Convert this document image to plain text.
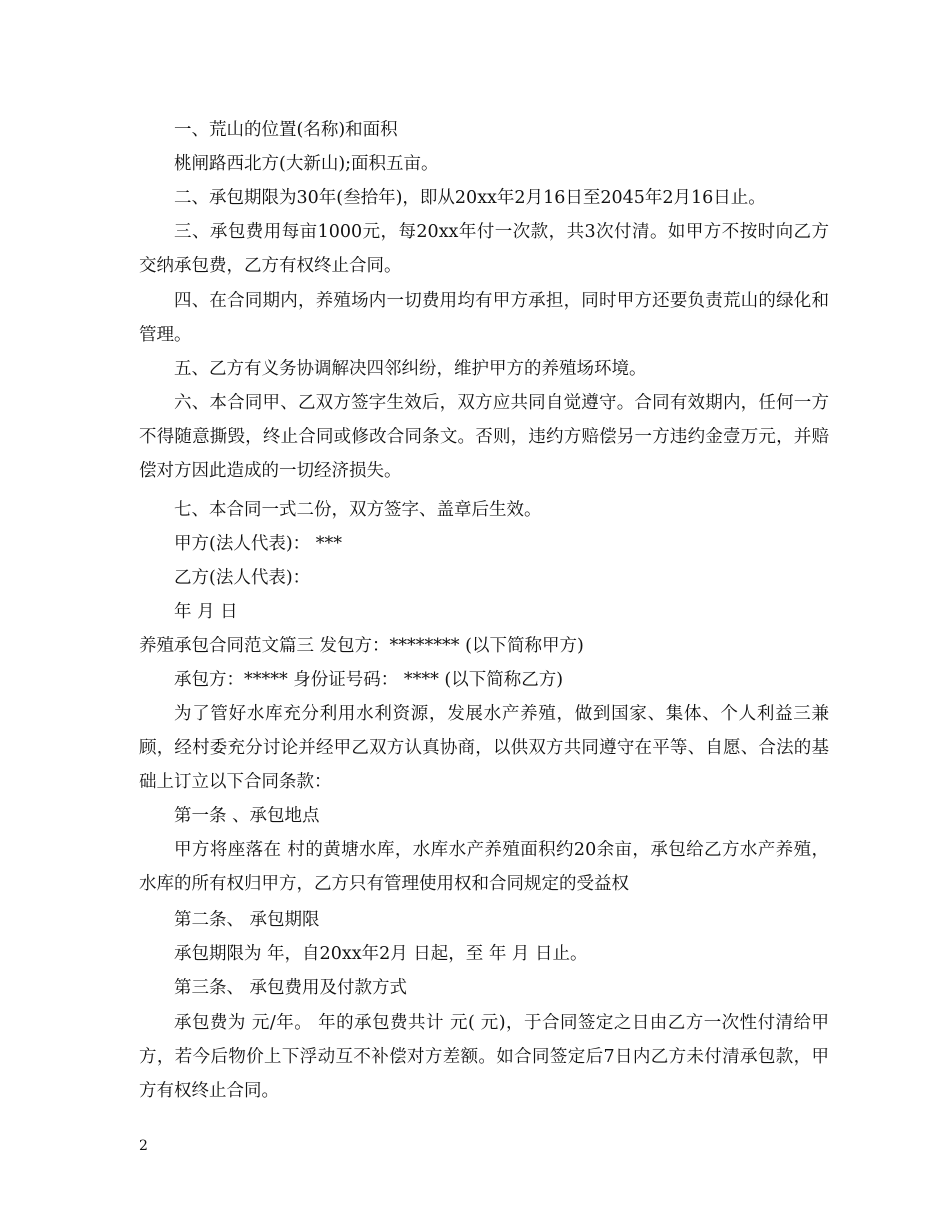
一、荒山的位置(名称)和面积

桃闸路西北方(大新山);面积五亩。

二、承包期限为30年(叁拾年)，即从20xx年2月16日至2045年2月16日止。

三、承包费用每亩1000元，每20xx年付一次款，共3次付清。如甲方不按时向乙方交纳承包费，乙方有权终止合同。

四、在合同期内，养殖场内一切费用均有甲方承担，同时甲方还要负责荒山的绿化和管理。

五、乙方有义务协调解决四邻纠纷，维护甲方的养殖场环境。

六、本合同甲、乙双方签字生效后，双方应共同自觉遵守。合同有效期内，任何一方不得随意撕毁，终止合同或修改合同条文。否则，违约方赔偿另一方违约金壹万元，并赔偿对方因此造成的一切经济损失。

七、本合同一式二份，双方签字、盖章后生效。

甲方(法人代表)： ***

乙方(法人代表)：

年 月 日

养殖承包合同范文篇三 发包方：******** (以下简称甲方)

承包方：***** 身份证号码： **** (以下简称乙方)

为了管好水库充分利用水利资源，发展水产养殖，做到国家、集体、个人利益三兼顾，经村委充分讨论并经甲乙双方认真协商，以供双方共同遵守在平等、自愿、合法的基础上订立以下合同条款：

第一条 、承包地点

甲方将座落在 村的黄塘水库，水库水产养殖面积约20余亩，承包给乙方水产养殖，水库的所有权归甲方，乙方只有管理使用权和合同规定的受益权

第二条、 承包期限

承包期限为 年，自20xx年2月 日起，至 年 月 日止。

第三条、 承包费用及付款方式

承包费为 元/年。 年的承包费共计 元( 元)，于合同签定之日由乙方一次性付清给甲方，若今后物价上下浮动互不补偿对方差额。如合同签定后7日内乙方未付清承包款，甲方有权终止合同。

2
